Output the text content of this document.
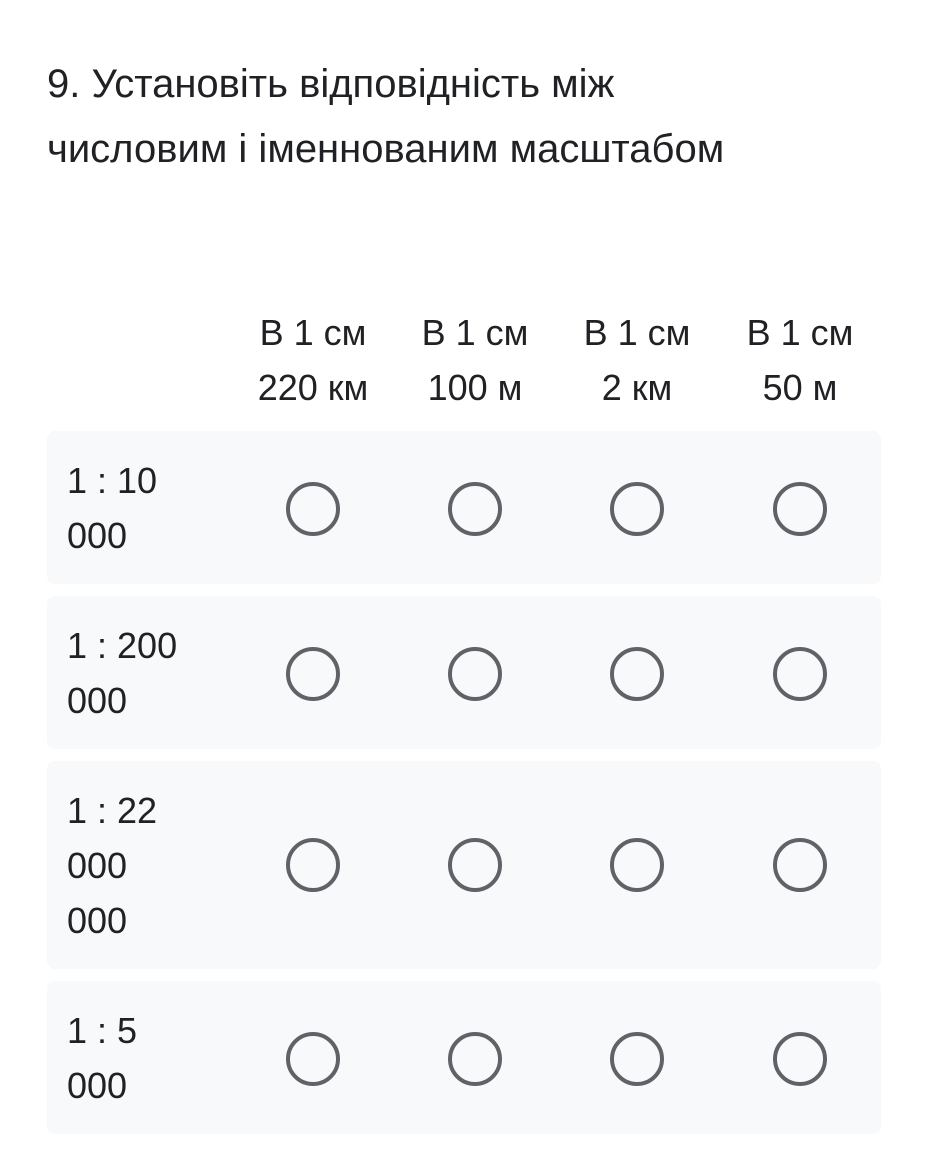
9. Установіть відповідність між числовим і іменнованим масштабом
В 1 см
220 км
В 1 см
100 м
В 1 см
2 км
В 1 см
50 м
1 : 10
000
1 : 200
000
1 : 22
000
000
1 : 5
000
